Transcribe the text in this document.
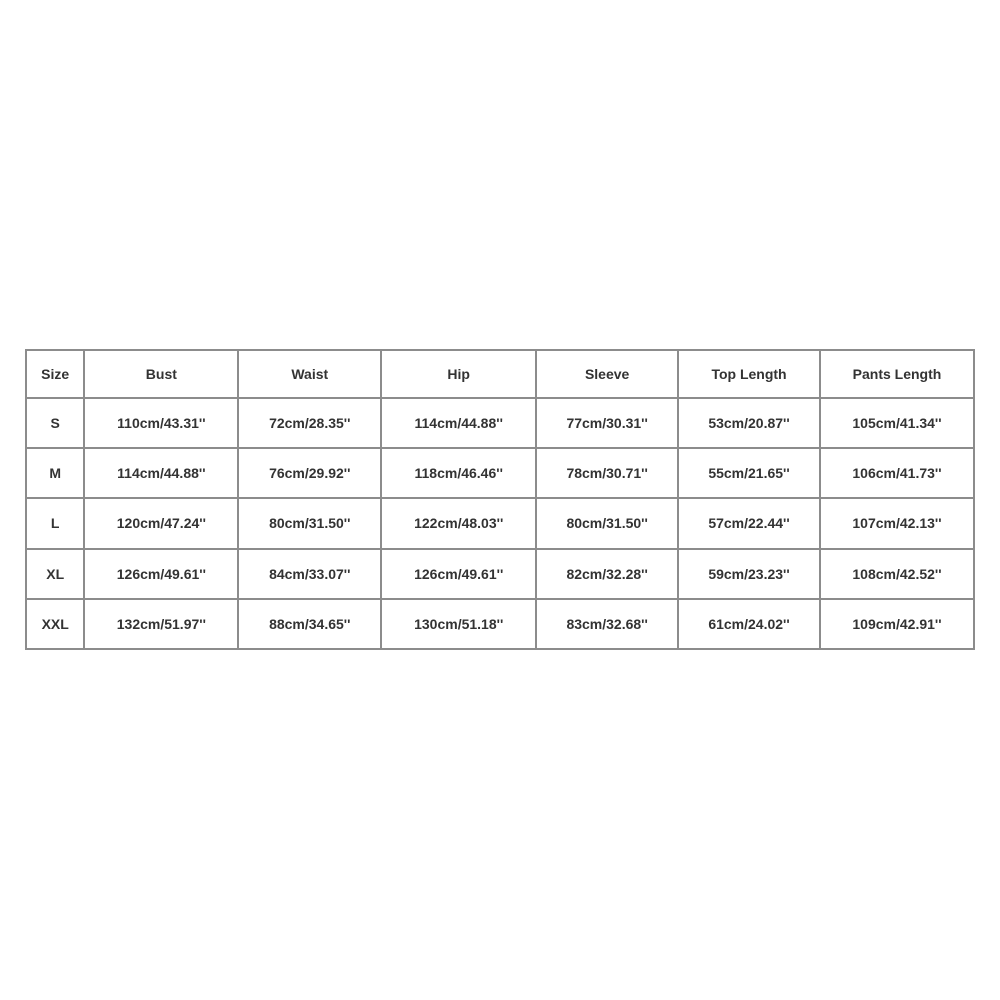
Size	Bust	Waist	Hip	Sleeve	Top Length	Pants Length
S	110cm/43.31''	72cm/28.35''	114cm/44.88''	77cm/30.31''	53cm/20.87''	105cm/41.34''
M	114cm/44.88''	76cm/29.92''	118cm/46.46''	78cm/30.71''	55cm/21.65''	106cm/41.73''
L	120cm/47.24''	80cm/31.50''	122cm/48.03''	80cm/31.50''	57cm/22.44''	107cm/42.13''
XL	126cm/49.61''	84cm/33.07''	126cm/49.61''	82cm/32.28''	59cm/23.23''	108cm/42.52''
XXL	132cm/51.97''	88cm/34.65''	130cm/51.18''	83cm/32.68''	61cm/24.02''	109cm/42.91''
